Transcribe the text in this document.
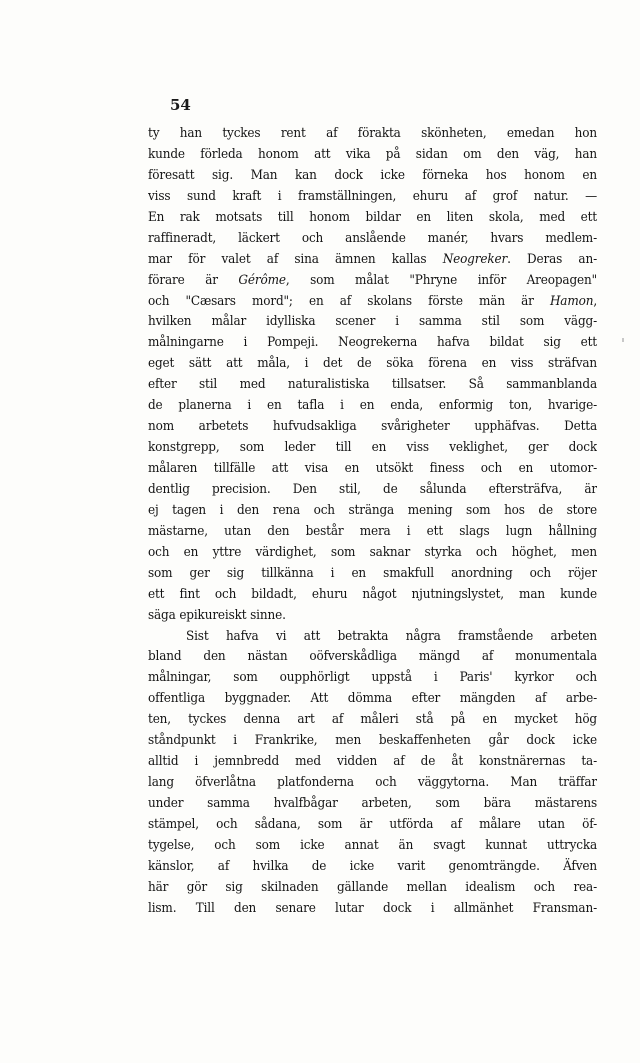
54
ty han tyckes rent af förakta skönheten, emedan hon
kunde förleda honom att vika på sidan om den väg, han
föresatt sig. Man kan dock icke förneka hos honom en
viss sund kraft i framställningen, ehuru af grof natur. —
En rak motsats till honom bildar en liten skola, med ett
raffineradt, läckert och anslående manér, hvars medlem-
mar för valet af sina ämnen kallas Neogreker. Deras an-
förare är Gérôme, som målat "Phryne inför Areopagen"
och "Cæsars mord"; en af skolans förste män är Hamon,
hvilken målar idylliska scener i samma stil som vägg-
målningarne i Pompeji. Neogrekerna hafva bildat sig ett
eget sätt att måla, i det de söka förena en viss sträfvan
efter stil med naturalistiska tillsatser. Så sammanblanda
de planerna i en tafla i en enda, enformig ton, hvarige-
nom arbetets hufvudsakliga svårigheter upphäfvas. Detta
konstgrepp, som leder till en viss veklighet, ger dock
målaren tillfälle att visa en utsökt finess och en utomor-
dentlig precision. Den stil, de sålunda eftersträfva, är
ej tagen i den rena och stränga mening som hos de store
mästarne, utan den består mera i ett slags lugn hållning
och en yttre värdighet, som saknar styrka och höghet, men
som ger sig tillkänna i en smakfull anordning och röjer
ett fint och bildadt, ehuru något njutningslystet, man kunde
säga epikureiskt sinne.
Sist hafva vi att betrakta några framstående arbeten
bland den nästan oöfverskådliga mängd af monumentala
målningar, som oupphörligt uppstå i Paris' kyrkor och
offentliga byggnader. Att dömma efter mängden af arbe-
ten, tyckes denna art af måleri stå på en mycket hög
ståndpunkt i Frankrike, men beskaffenheten går dock icke
alltid i jemnbredd med vidden af de åt konstnärernas ta-
lang öfverlåtna platfonderna och väggytorna. Man träffar
under samma hvalfbågar arbeten, som bära mästarens
stämpel, och sådana, som är utförda af målare utan öf-
tygelse, och som icke annat än svagt kunnat uttrycka
känslor, af hvilka de icke varit genomträngde. Äfven
här gör sig skilnaden gällande mellan idealism och rea-
lism. Till den senare lutar dock i allmänhet Fransman-
